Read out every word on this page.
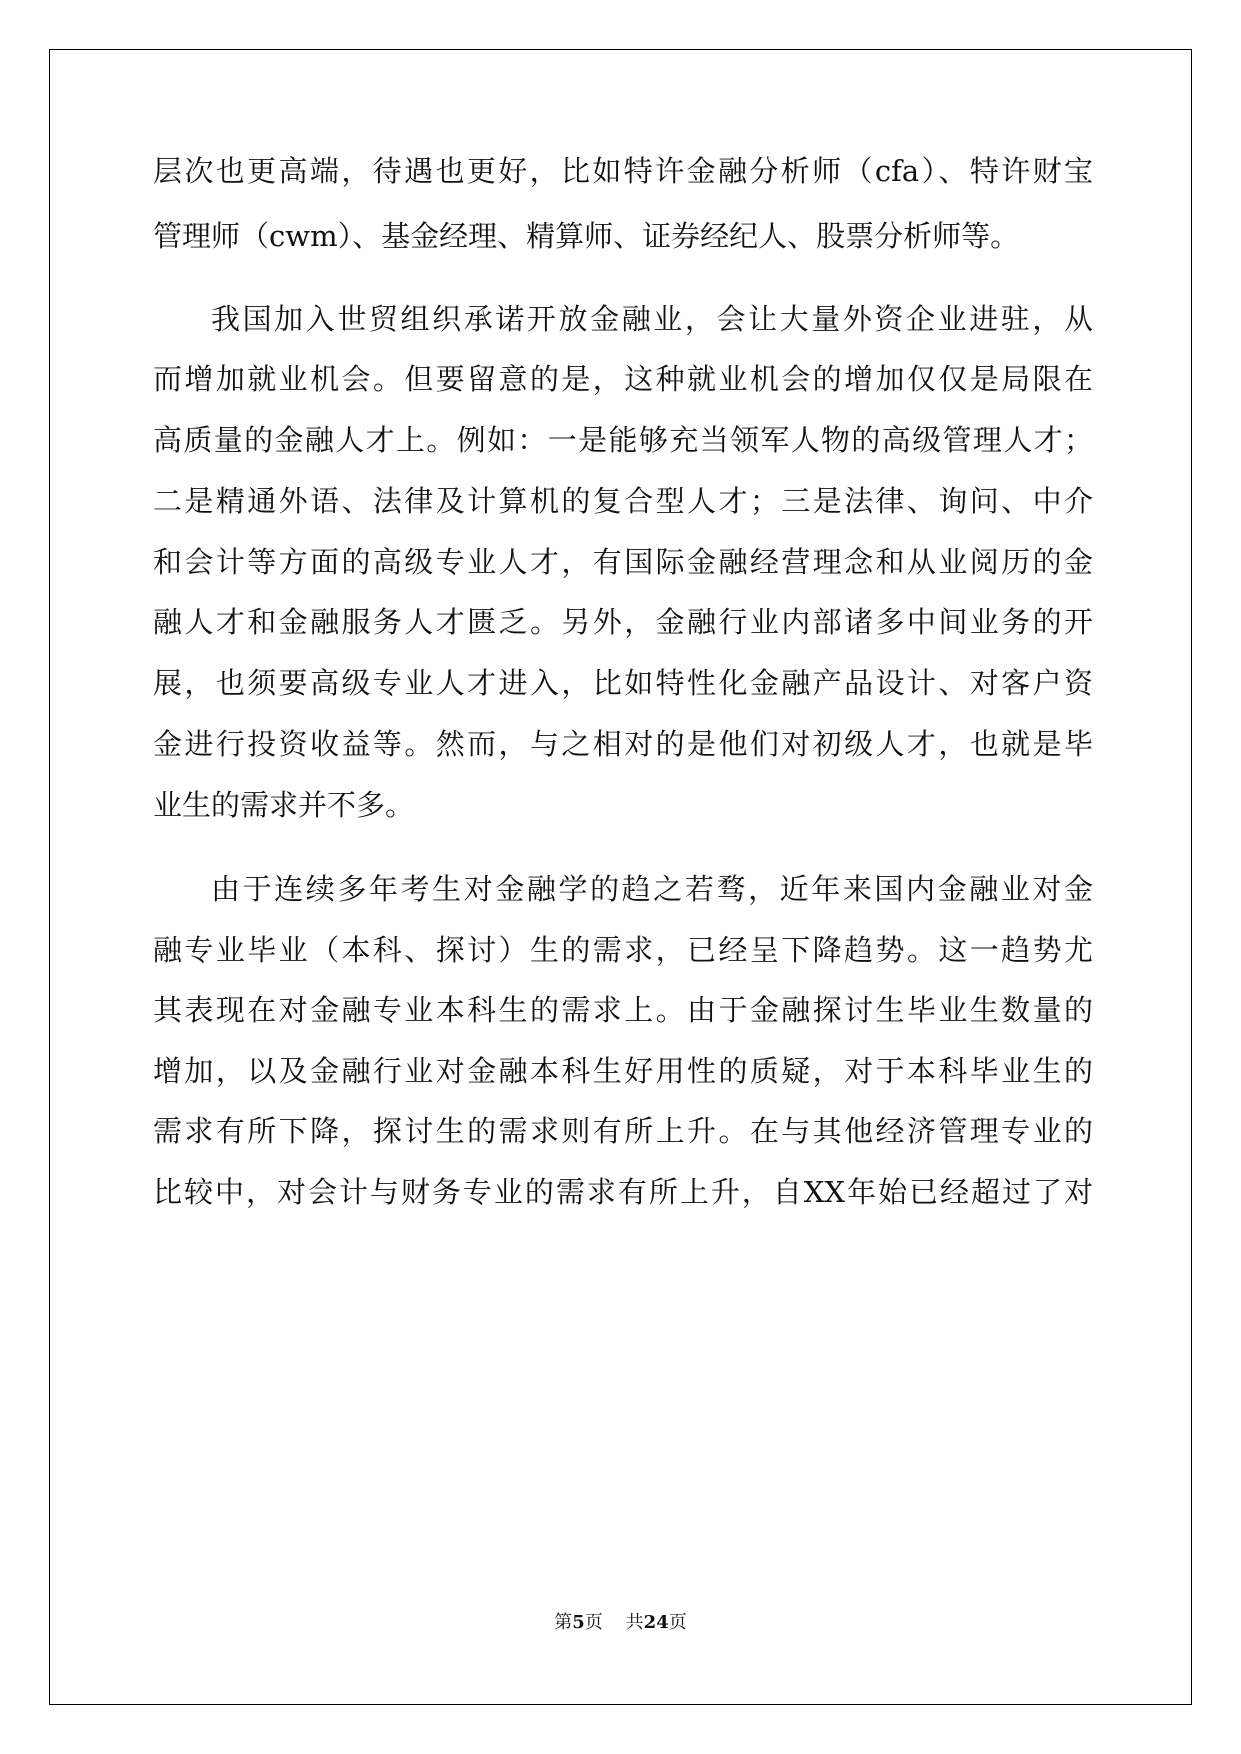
层次也更高端，待遇也更好，比如特许金融分析师（cfa）、特许财宝
管理师（cwm）、基金经理、精算师、证券经纪人、股票分析师等。
我国加入世贸组织承诺开放金融业，会让大量外资企业进驻，从
而增加就业机会。但要留意的是，这种就业机会的增加仅仅是局限在
高质量的金融人才上。例如：一是能够充当领军人物的高级管理人才；
二是精通外语、法律及计算机的复合型人才；三是法律、询问、中介
和会计等方面的高级专业人才，有国际金融经营理念和从业阅历的金
融人才和金融服务人才匮乏。另外，金融行业内部诸多中间业务的开
展，也须要高级专业人才进入，比如特性化金融产品设计、对客户资
金进行投资收益等。然而，与之相对的是他们对初级人才，也就是毕
业生的需求并不多。
由于连续多年考生对金融学的趋之若骛，近年来国内金融业对金
融专业毕业（本科、探讨）生的需求，已经呈下降趋势。这一趋势尤
其表现在对金融专业本科生的需求上。由于金融探讨生毕业生数量的
增加，以及金融行业对金融本科生好用性的质疑，对于本科毕业生的
需求有所下降，探讨生的需求则有所上升。在与其他经济管理专业的
比较中，对会计与财务专业的需求有所上升，自XX年始已经超过了对
第5页 共24页
